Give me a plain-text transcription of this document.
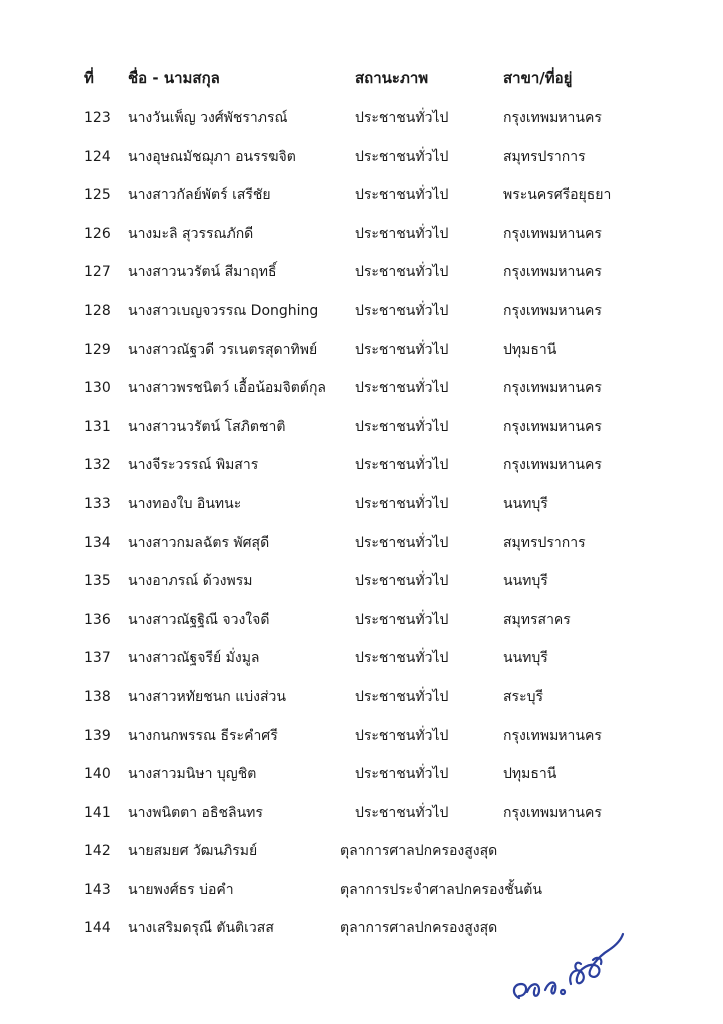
ที่	ชื่อ - นามสกุล	สถานะภาพ	สาขา/ที่อยู่
123 นางวันเพ็ญ วงศ์พัชราภรณ์	ประชาชนทั่วไป	กรุงเทพมหานคร
124 นางอุษณมัชฌุภา อนรรฆจิต	ประชาชนทั่วไป	สมุทรปราการ
125 นางสาวกัลย์พัตร์ เสรีชัย	ประชาชนทั่วไป	พระนครศรีอยุธยา
126 นางมะลิ สุวรรณภักดี	ประชาชนทั่วไป	กรุงเทพมหานคร
127 นางสาวนวรัตน์ สีมาฤทธิ์	ประชาชนทั่วไป	กรุงเทพมหานคร
128 นางสาวเบญจวรรณ Donghing	ประชาชนทั่วไป	กรุงเทพมหานคร
129 นางสาวณัฐวดี วรเนตรสุดาทิพย์	ประชาชนทั่วไป	ปทุมธานี
130 นางสาวพรชนิตว์ เอื้อน้อมจิตต์กุล ประชาชนทั่วไป	กรุงเทพมหานคร
131 นางสาวนวรัตน์ โสภิตชาติ	ประชาชนทั่วไป	กรุงเทพมหานคร
132 นางจีระวรรณ์ พิมสาร	ประชาชนทั่วไป	กรุงเทพมหานคร
133 นางทองใบ อินทนะ	ประชาชนทั่วไป	นนทบุรี
134 นางสาวกมลฉัตร พัศสุดี	ประชาชนทั่วไป	สมุทรปราการ
135 นางอาภรณ์ ด้วงพรม	ประชาชนทั่วไป	นนทบุรี
136 นางสาวณัฐฐิณี จวงใจดี	ประชาชนทั่วไป	สมุทรสาคร
137 นางสาวณัฐจรีย์ มั่งมูล	ประชาชนทั่วไป	นนทบุรี
138 นางสาวหทัยชนก แบ่งส่วน	ประชาชนทั่วไป	สระบุรี
139 นางกนกพรรณ ธีระคำศรี	ประชาชนทั่วไป	กรุงเทพมหานคร
140 นางสาวมนิษา บุญชิต	ประชาชนทั่วไป	ปทุมธานี
141 นางพนิตตา อธิชลินทร	ประชาชนทั่วไป	กรุงเทพมหานคร
142 นายสมยศ วัฒนภิรมย์	ตุลาการศาลปกครองสูงสุด
143 นายพงศ์ธร บ่อคำ	ตุลาการประจำศาลปกครองชั้นต้น
144 นางเสริมดรุณี ตันติเวสส	ตุลาการศาลปกครองสูงสุด
